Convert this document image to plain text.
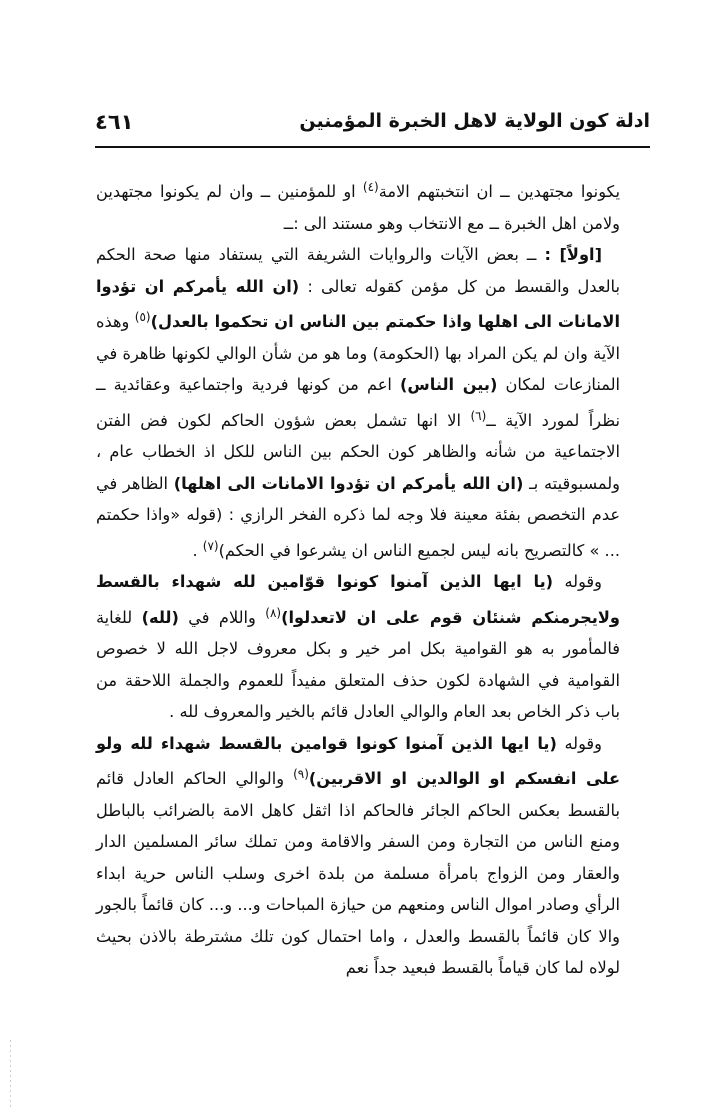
ادلة كون الولاية لاهل الخبرة المؤمنين
٤٦١

يكونوا مجتهدين ــ ان انتخبتهم الامة$^{(٤)}$ او للمؤمنين ــ وان لم يكونوا مجتهدين ولامن اهل الخبرة ــ مع الانتخاب وهو مستند الى :ــ

[اولاً] : ــ بعض الآيات والروايات الشريفة التي يستفاد منها صحة الحكم بالعدل والقسط من كل مؤمن كقوله تعالى : (ان الله يأمركم ان تؤدوا الامانات الى اهلها واذا حكمتم بين الناس ان تحكموا بالعدل)$^{(٥)}$ وهذه الآية وان لم يكن المراد بها (الحكومة) وما هو من شأن الوالي لكونها ظاهرة في المنازعات لمكان (بين الناس) اعم من كونها فردية واجتماعية وعقائدية ــ نظراً لمورد الآية ــ$^{(٦)}$ الا انها تشمل بعض شؤون الحاكم لكون فض الفتن الاجتماعية من شأنه والظاهر كون الحكم بين الناس للكل اذ الخطاب عام ، ولمسبوقيته بـ (ان الله يأمركم ان تؤدوا الامانات الى اهلها) الظاهر في عدم التخصص بفئة معينة فلا وجه لما ذكره الفخر الرازي : (قوله «واذا حكمتم ... » كالتصريح بانه ليس لجميع الناس ان يشرعوا في الحكم)$^{(٧)}$ .

وقوله (يا ايها الذين آمنوا كونوا قوّامين لله شهداء بالقسط ولايجرمنكم شنئان قوم على ان لاتعدلوا)$^{(٨)}$ واللام في (لله) للغاية فالمأمور به هو القوامية بكل امر خير و بكل معروف لاجل الله لا خصوص القوامية في الشهادة لكون حذف المتعلق مفيداً للعموم والجملة اللاحقة من باب ذكر الخاص بعد العام والوالي العادل قائم بالخير والمعروف لله .

وقوله (يا ايها الذين آمنوا كونوا قوامين بالقسط شهداء لله ولو على انفسكم او الوالدين او الاقربين)$^{(٩)}$ والوالي الحاكم العادل قائم بالقسط بعكس الحاكم الجائر فالحاكم اذا اثقل كاهل الامة بالضرائب بالباطل ومنع الناس من التجارة ومن السفر والاقامة ومن تملك سائر المسلمين الدار والعقار ومن الزواج بامرأة مسلمة من بلدة اخرى وسلب الناس حرية ابداء الرأي وصادر اموال الناس ومنعهم من حيازة المباحات و... و... كان قائماً بالجور والا كان قائماً بالقسط والعدل ، واما احتمال كون تلك مشترطة بالاذن بحيث لولاه لما كان قياماً بالقسط فبعيد جداً نعم
